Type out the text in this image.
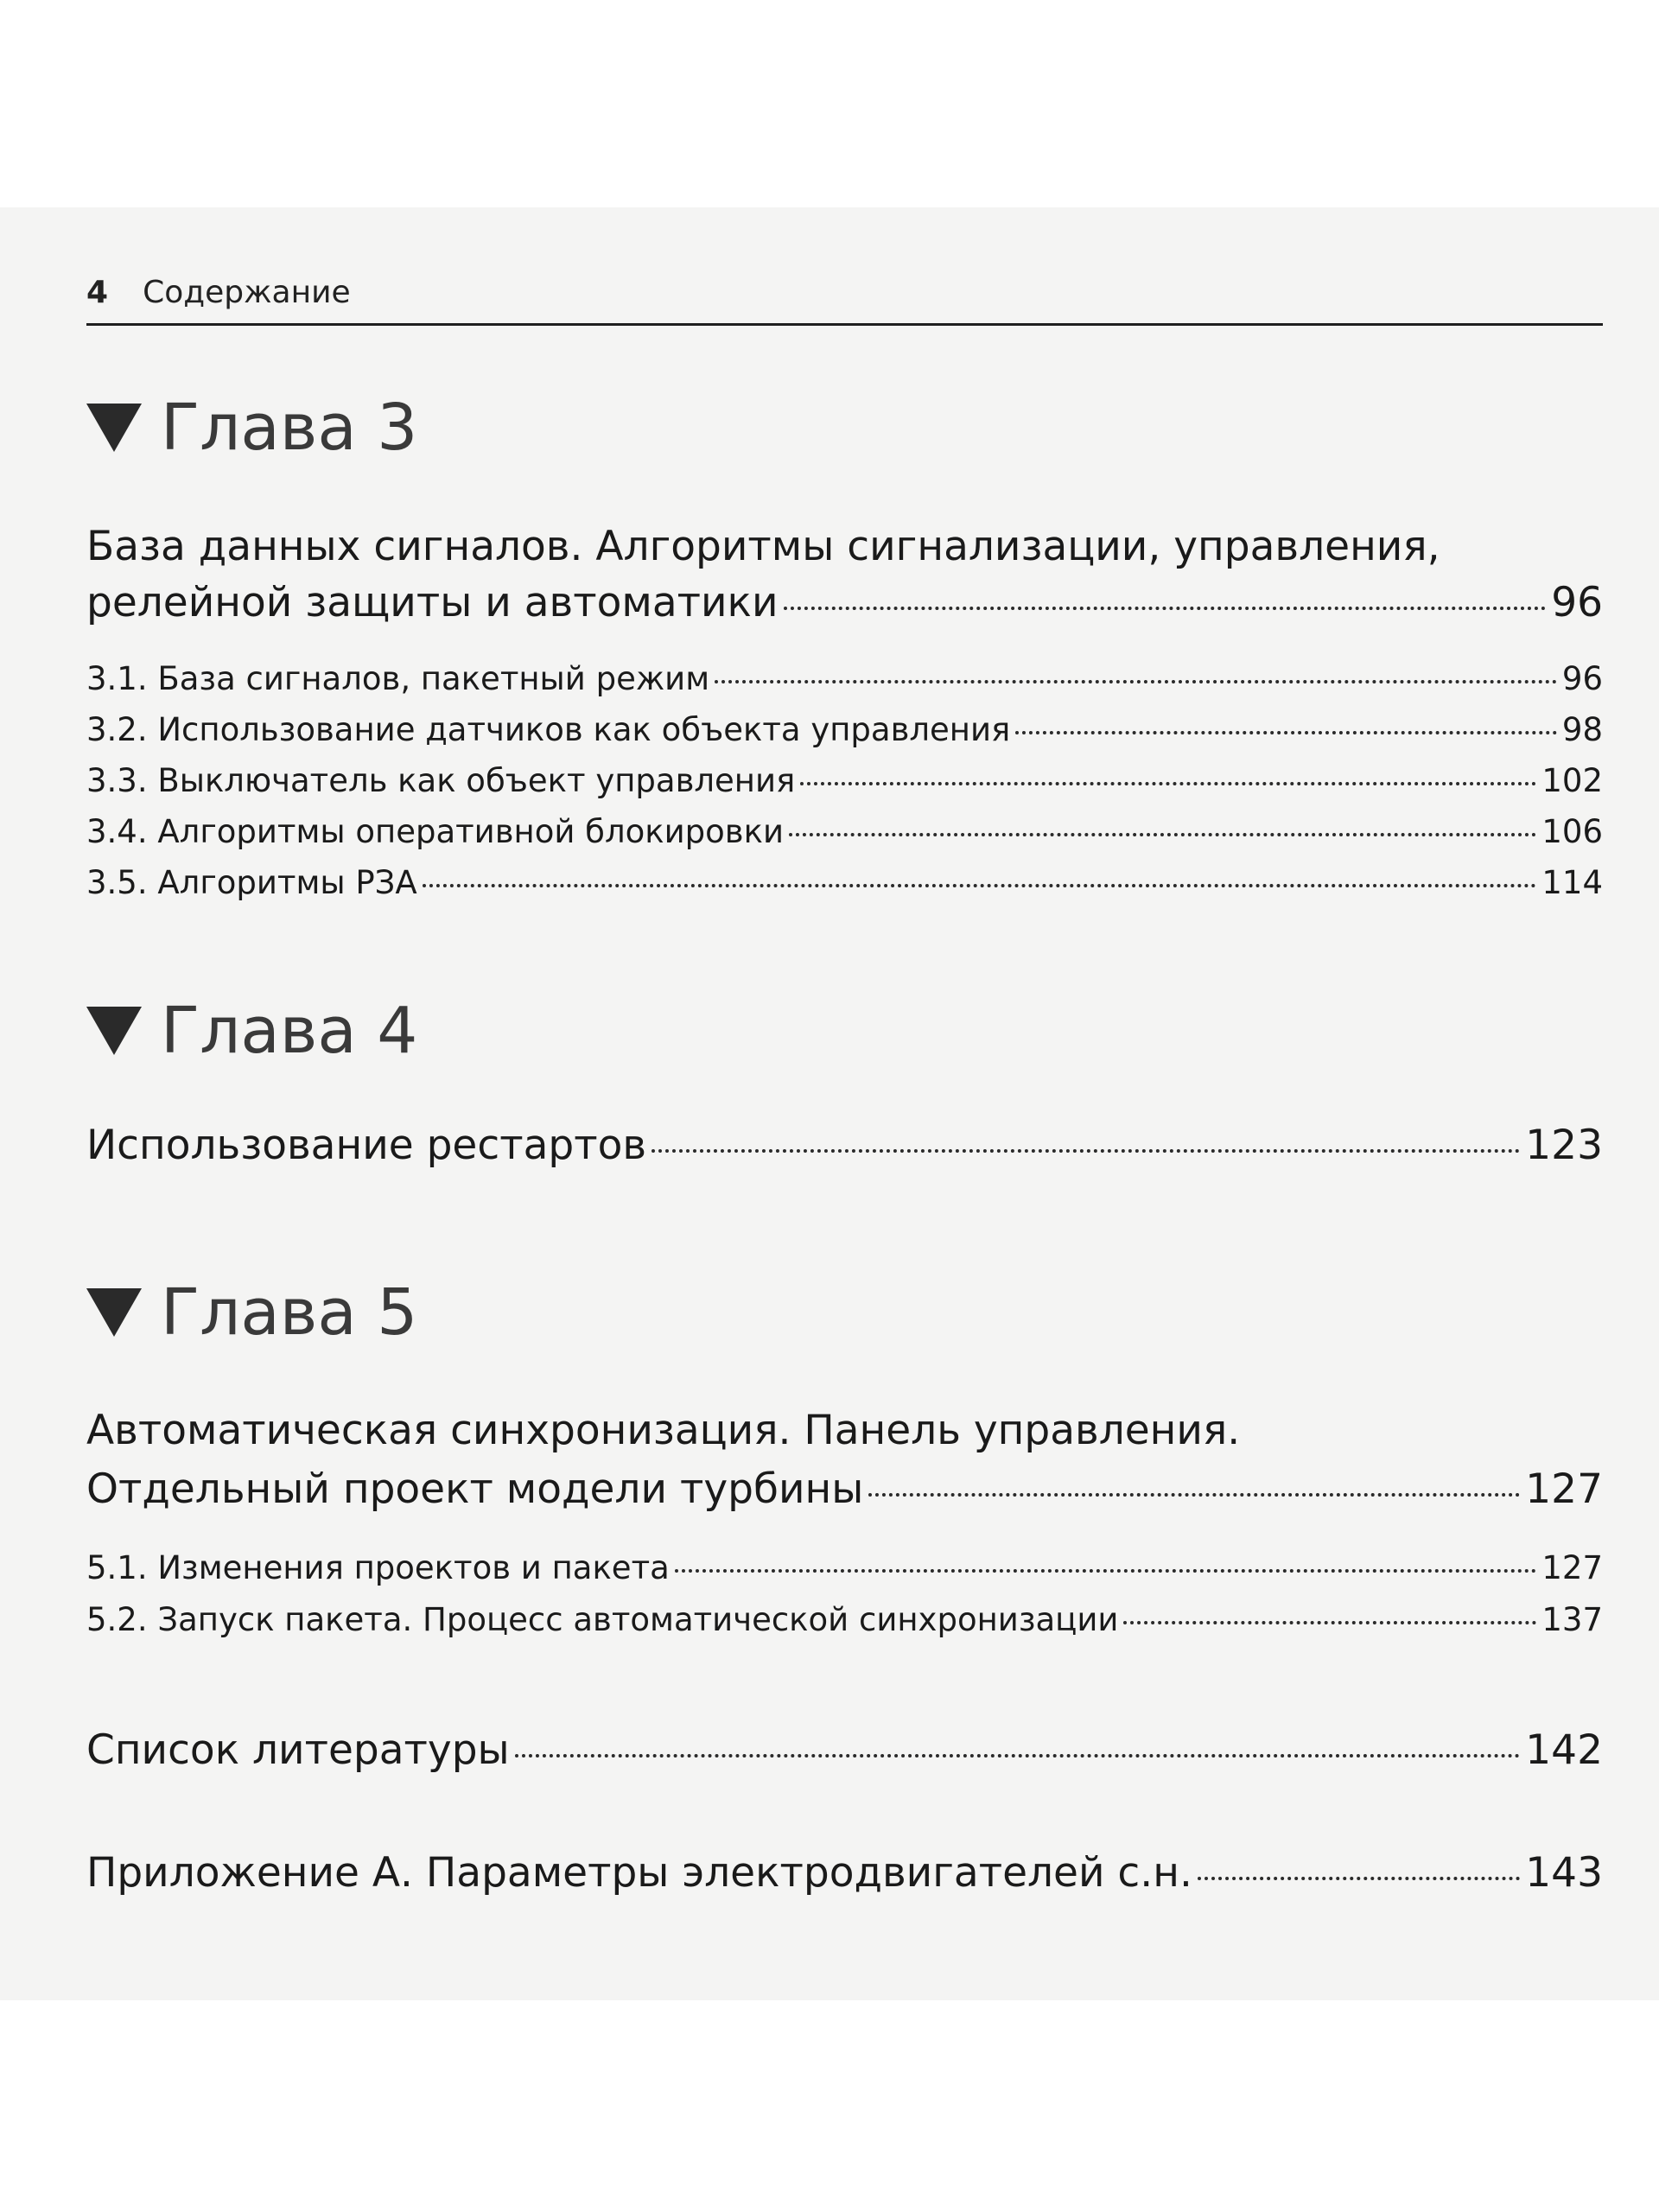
4 Содержание
Глава 3
База данных сигналов. Алгоритмы сигнализации, управления,
релейной защиты и автоматики	96
3.1. База сигналов, пакетный режим	96
3.2. Использование датчиков как объекта управления	98
3.3. Выключатель как объект управления	102
3.4. Алгоритмы оперативной блокировки	106
3.5. Алгоритмы РЗА	114
Глава 4
Использование рестартов	123
Глава 5
Автоматическая синхронизация. Панель управления.
Отдельный проект модели турбины	127
5.1. Изменения проектов и пакета	127
5.2. Запуск пакета. Процесс автоматической синхронизации	137
Список литературы	142
Приложение А. Параметры электродвигателей с.н.	143
